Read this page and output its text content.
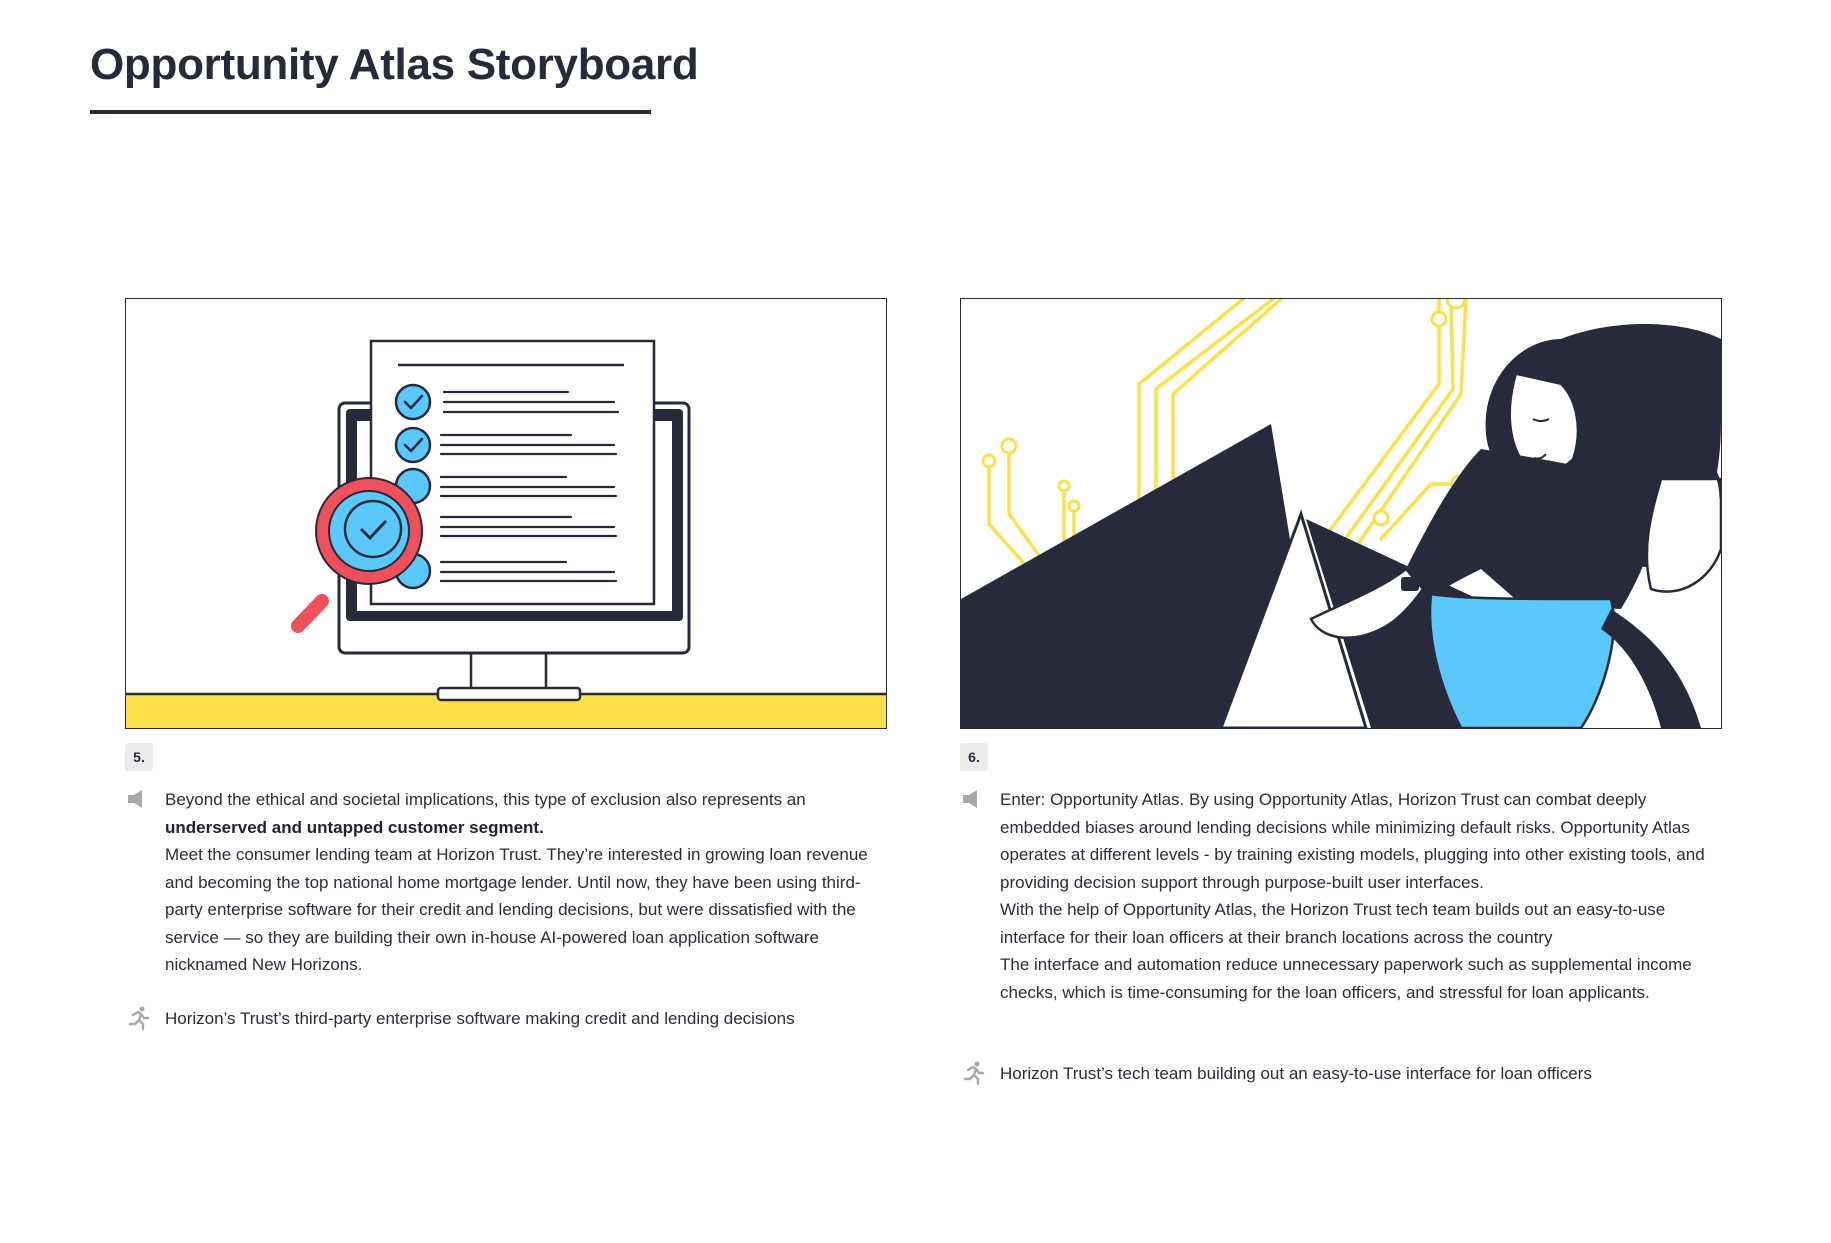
Opportunity Atlas Storyboard
5.

Beyond the ethical and societal implications, this type of exclusion also represents an

underserved and untapped customer segment.

Meet the consumer lending team at Horizon Trust. They’re interested in growing loan revenue and becoming the top national home mortgage lender. Until now, they have been using third-party enterprise software for their credit and lending decisions, but were dissatisfied with the service — so they are building their own in-house AI-powered loan application software nicknamed New Horizons.

Horizon’s Trust’s third-party enterprise software making credit and lending decisions
6.

Enter: Opportunity Atlas. By using Opportunity Atlas, Horizon Trust can combat deeply embedded biases around lending decisions while minimizing default risks. Opportunity Atlas operates at different levels - by training existing models, plugging into other existing tools, and providing decision support through purpose-built user interfaces.

With the help of Opportunity Atlas, the Horizon Trust tech team builds out an easy-to-use interface for their loan officers at their branch locations across the country

The interface and automation reduce unnecessary paperwork such as supplemental income checks, which is time-consuming for the loan officers, and stressful for loan applicants.

Horizon Trust’s tech team building out an easy-to-use interface for loan officers
